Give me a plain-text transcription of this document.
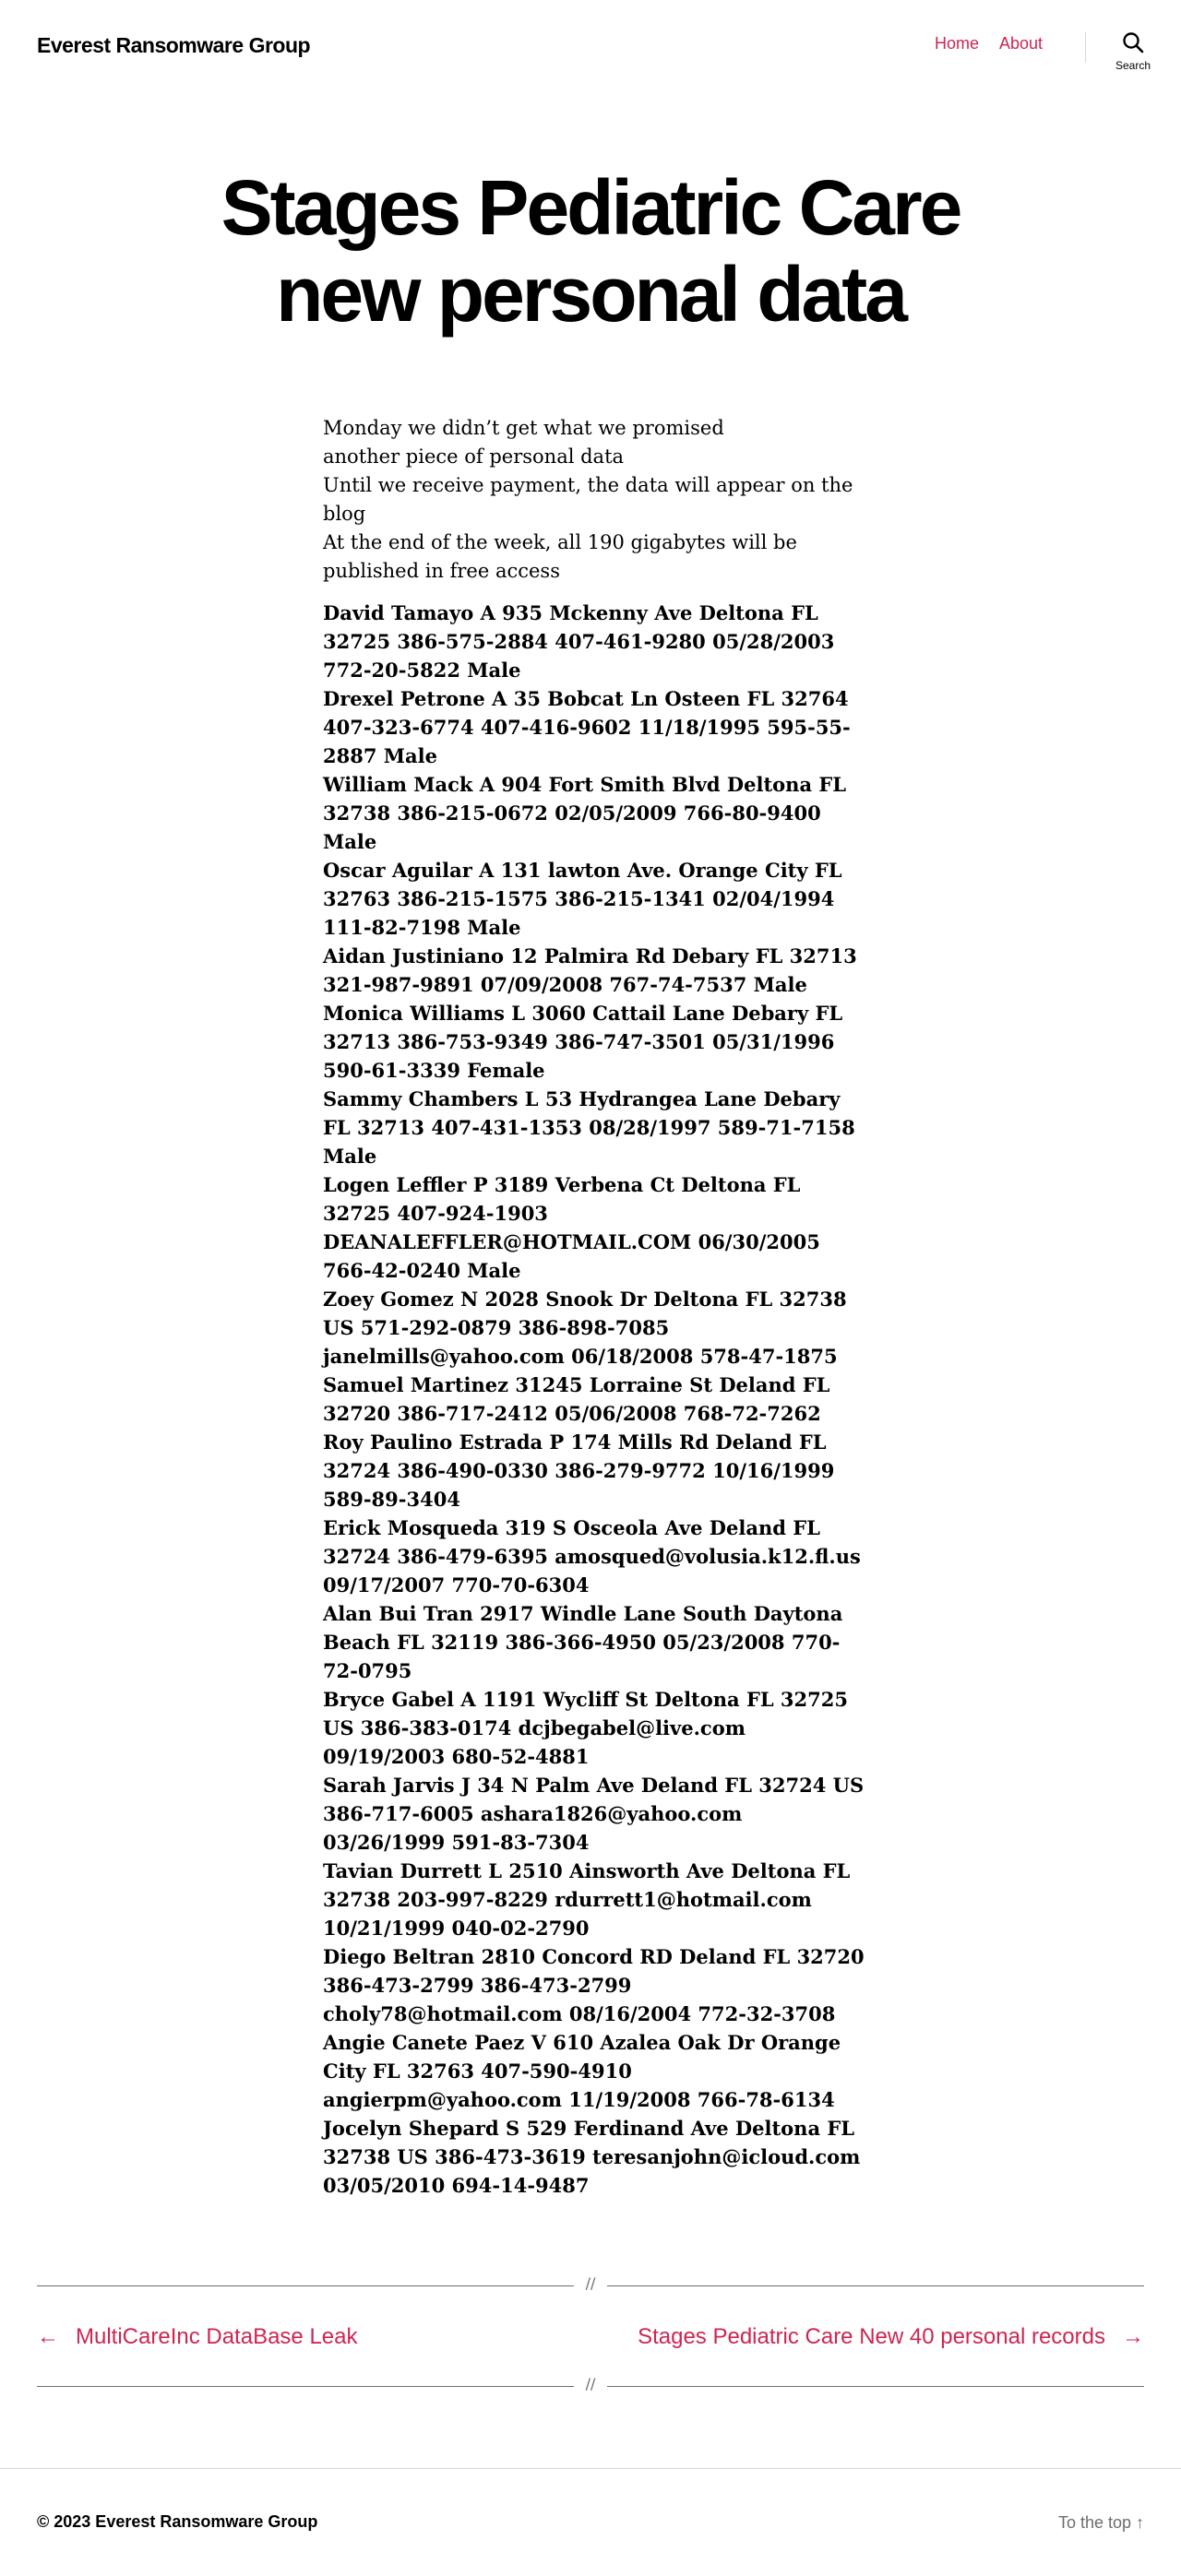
Everest Ransomware Group	Home About
Search
Stages Pediatric Care
new personal data

Monday we didn’t get what we promised

another piece of personal data

Until we receive payment, the data will appear on the blog

At the end of the week, all 190 gigabytes will be published in free access

David Tamayo A 935 Mckenny Ave Deltona FL 32725 386-575-2884 407-461-9280 05/28/2003 772-20-5822 Male

Drexel Petrone A 35 Bobcat Ln Osteen FL 32764 407-323-6774 407-416-9602 11/18/1995 595-55-2887 Male

William Mack A 904 Fort Smith Blvd Deltona FL 32738 386-215-0672 02/05/2009 766-80-9400 Male

Oscar Aguilar A 131 lawton Ave. Orange City FL 32763 386-215-1575 386-215-1341 02/04/1994 111-82-7198 Male

Aidan Justiniano 12 Palmira Rd Debary FL 32713 321-987-9891 07/09/2008 767-74-7537 Male

Monica Williams L 3060 Cattail Lane Debary FL 32713 386-753-9349 386-747-3501 05/31/1996 590-61-3339 Female

Sammy Chambers L 53 Hydrangea Lane Debary FL 32713 407-431-1353 08/28/1997 589-71-7158 Male

Logen Leffler P 3189 Verbena Ct Deltona FL 32725 407-924-1903 DEANALEFFLER@HOTMAIL.COM 06/30/2005 766-42-0240 Male

Zoey Gomez N 2028 Snook Dr Deltona FL 32738 US 571-292-0879 386-898-7085 janelmills@yahoo.com 06/18/2008 578-47-1875

Samuel Martinez 31245 Lorraine St Deland FL 32720 386-717-2412 05/06/2008 768-72-7262

Roy Paulino Estrada P 174 Mills Rd Deland FL 32724 386-490-0330 386-279-9772 10/16/1999 589-89-3404

Erick Mosqueda 319 S Osceola Ave Deland FL 32724 386-479-6395 amosqued@volusia.k12.fl.us 09/17/2007 770-70-6304

Alan Bui Tran 2917 Windle Lane South Daytona Beach FL 32119 386-366-4950 05/23/2008 770-72-0795

Bryce Gabel A 1191 Wycliff St Deltona FL 32725 US 386-383-0174 dcjbegabel@live.com 09/19/2003 680-52-4881

Sarah Jarvis J 34 N Palm Ave Deland FL 32724 US 386-717-6005 ashara1826@yahoo.com 03/26/1999 591-83-7304

Tavian Durrett L 2510 Ainsworth Ave Deltona FL 32738 203-997-8229 rdurrett1@hotmail.com 10/21/1999 040-02-2790

Diego Beltran 2810 Concord RD Deland FL 32720 386-473-2799 386-473-2799 choly78@hotmail.com 08/16/2004 772-32-3708

Angie Canete Paez V 610 Azalea Oak Dr Orange City FL 32763 407-590-4910 angierpm@yahoo.com 11/19/2008 766-78-6134

Jocelyn Shepard S 529 Ferdinand Ave Deltona FL 32738 US 386-473-3619 teresanjohn@icloud.com 03/05/2010 694-14-9487

//
← MultiCareInc DataBase Leak	Stages Pediatric Care New 40 personal records →
//
© 2023 Everest Ransomware Group	To the top ↑
